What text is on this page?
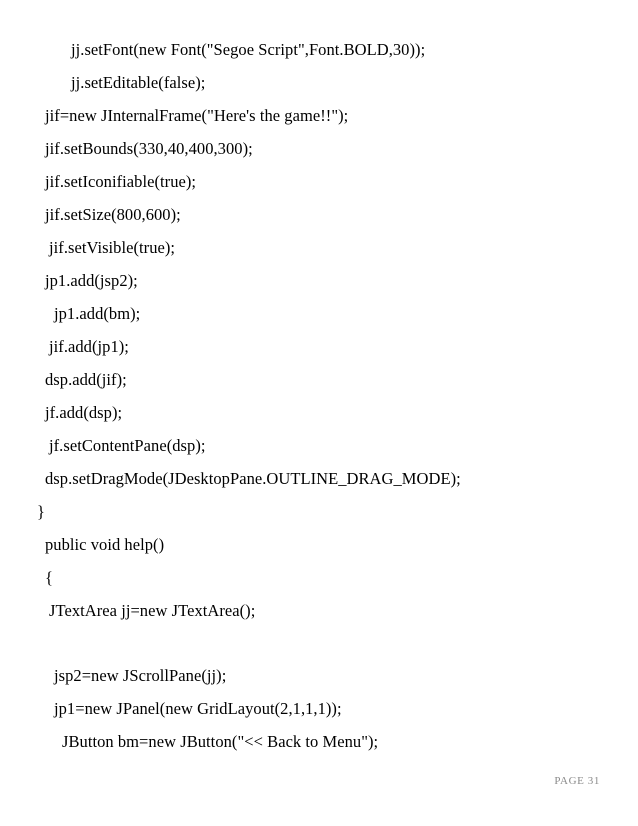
jj.setFont(new Font("Segoe Script",Font.BOLD,30));
jj.setEditable(false);
jif=new JInternalFrame("Here's the game!!");
jif.setBounds(330,40,400,300);
jif.setIconifiable(true);
jif.setSize(800,600);
jif.setVisible(true);
jp1.add(jsp2);
jp1.add(bm);
jif.add(jp1);
dsp.add(jif);
jf.add(dsp);
jf.setContentPane(dsp);
dsp.setDragMode(JDesktopPane.OUTLINE_DRAG_MODE);
}
public void help()
{
JTextArea jj=new JTextArea();
jsp2=new JScrollPane(jj);
jp1=new JPanel(new GridLayout(2,1,1,1));
JButton bm=new JButton("<< Back to Menu");
PAGE 31
